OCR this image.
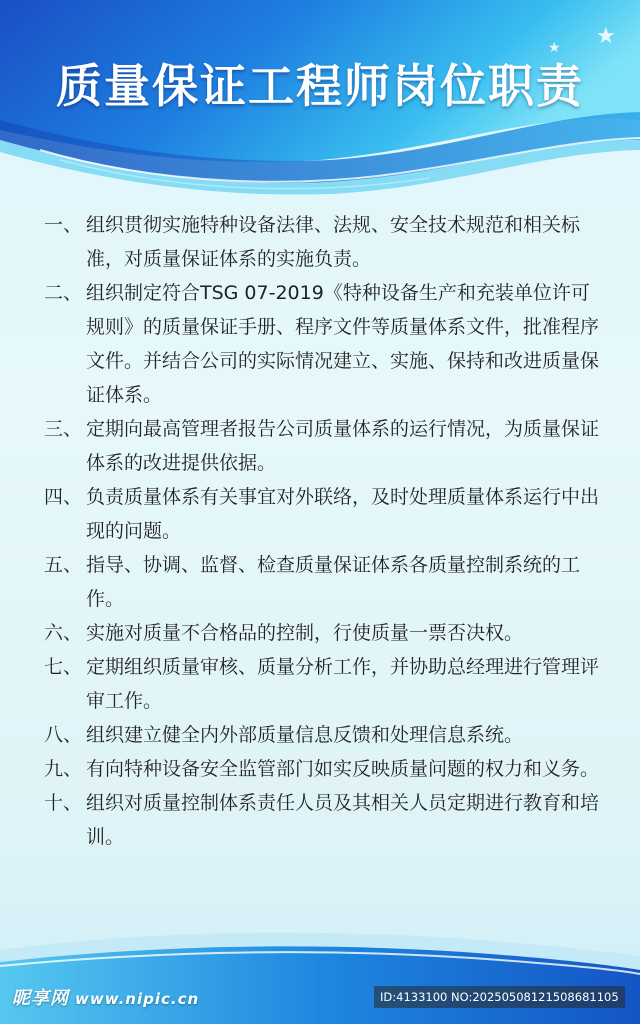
★
★
质量保证工程师岗位职责
一、 组织贯彻实施特种设备法律、法规、安全技术规范和相关标准，对质量保证体系的实施负责。
二、 组织制定符合TSG 07-2019《特种设备生产和充装单位许可规则》的质量保证手册、程序文件等质量体系文件，批准程序文件。并结合公司的实际情况建立、实施、保持和改进质量保证体系。
三、 定期向最高管理者报告公司质量体系的运行情况，为质量保证体系的改进提供依据。
四、 负责质量体系有关事宜对外联络，及时处理质量体系运行中出现的问题。
五、 指导、协调、监督、检查质量保证体系各质量控制系统的工作。
六、 实施对质量不合格品的控制，行使质量一票否决权。
七、 定期组织质量审核、质量分析工作，并协助总经理进行管理评审工作。
八、 组织建立健全内外部质量信息反馈和处理信息系统。
九、 有向特种设备安全监管部门如实反映质量问题的权力和义务。
十、 组织对质量控制体系责任人员及其相关人员定期进行教育和培训。
昵享网 www.nipic.cn	ID:4133100 NO:20250508121508681105
